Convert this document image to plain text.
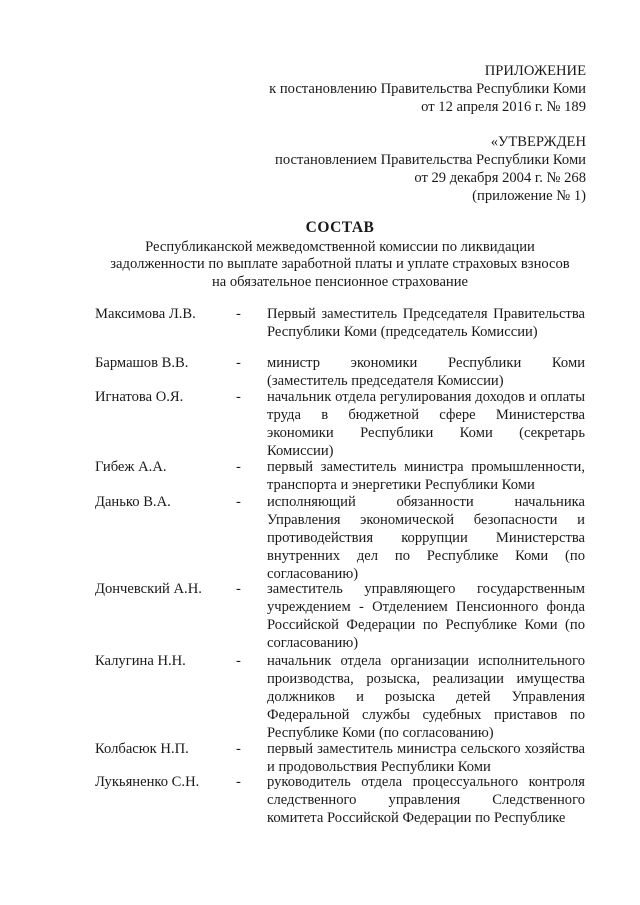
ПРИЛОЖЕНИЕ
к постановлению Правительства Республики Коми
от 12 апреля 2016 г. № 189
«УТВЕРЖДЕН
постановлением Правительства Республики Коми
от 29 декабря 2004 г. № 268
(приложение № 1)
СОСТАВ
Республиканской межведомственной комиссии по ликвидации
задолженности по выплате заработной платы и уплате страховых взносов
на обязательное пенсионное страхование
Максимова Л.В.	- Первый заместитель Председателя Правительства Республики Коми (председатель Комиссии)
Бармашов В.В.	- министр экономики Республики Коми (заместитель председателя Комиссии)
Игнатова О.Я.	- начальник отдела регулирования доходов и оплаты труда в бюджетной сфере Министерства экономики Республики Коми (секретарь Комиссии)
Гибеж А.А.	- первый заместитель министра промышленности, транспорта и энергетики Республики Коми
Данько В.А.	- исполняющий обязанности начальника Управления экономической безопасности и противодействия коррупции Министерства внутренних дел по Республике Коми (по согласованию)
Дончевский А.Н.	- заместитель управляющего государственным учреждением - Отделением Пенсионного фонда Российской Федерации по Республике Коми (по согласованию)
Калугина Н.Н.	- начальник отдела организации исполнительного производства, розыска, реализации имущества должников и розыска детей Управления Федеральной службы судебных приставов по Республике Коми (по согласованию)
Колбасюк Н.П.	- первый заместитель министра сельского хозяйства и продовольствия Республики Коми
Лукьяненко С.Н.	- руководитель отдела процессуального контроля следственного управления Следственного комитета Российской Федерации по Республике
